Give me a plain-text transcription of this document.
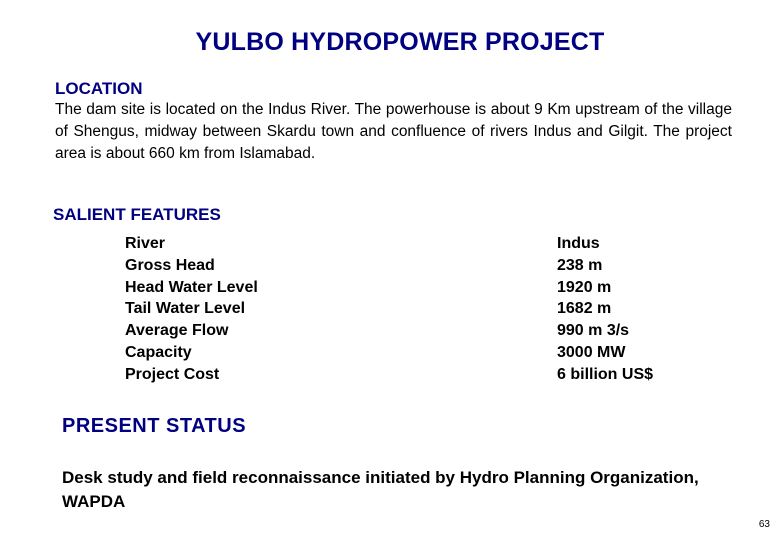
YULBO HYDROPOWER PROJECT
LOCATION

The dam site is located on the Indus River. The powerhouse is about 9 Km upstream of the village of Shengus, midway between Skardu town and confluence of rivers Indus and Gilgit. The project area is about 660 km from Islamabad.

SALIENT FEATURES
River
Gross Head
Head Water Level
Tail Water Level
Average Flow
Capacity
Project Cost
Indus
238 m
1920 m
1682 m
990 m 3/s
3000 MW
6 billion US$
PRESENT STATUS

Desk study and field reconnaissance initiated by Hydro Planning Organization, WAPDA

63
